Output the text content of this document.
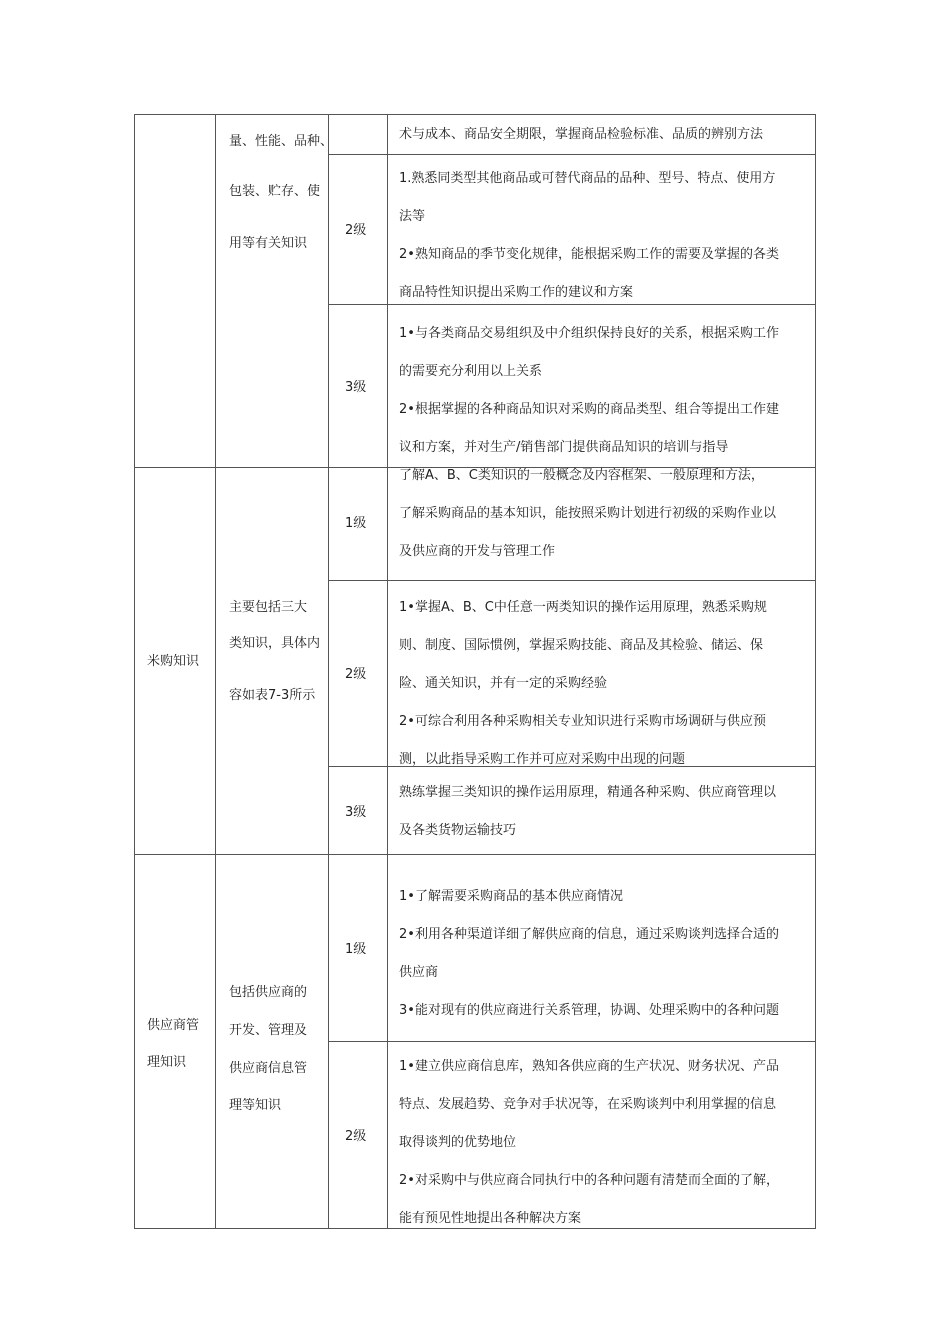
量、性能、品种、
包装、贮存、使
用等有关知识

术与成本、商品安全期限，掌握商品检验标准、品质的辨别方法

2级

1.熟悉同类型其他商品或可替代商品的品种、型号、特点、使用方

法等

2•熟知商品的季节变化规律，能根据采购工作的需要及掌握的各类

商品特性知识提出采购工作的建议和方案

3级

1•与各类商品交易组织及中介组织保持良好的关系，根据采购工作

的需要充分利用以上关系

2•根据掌握的各种商品知识对采购的商品类型、组合等提出工作建

议和方案，并对生产/销售部门提供商品知识的培训与指导

米购知识
主要包括三大
类知识，具体内
容如表7-3所示
1级

了解A、B、C类知识的一般概念及内容框架、一般原理和方法，

了解采购商品的基本知识，能按照采购计划进行初级的采购作业以

及供应商的开发与管理工作

2级

1•掌握A、B、C中任意一两类知识的操作运用原理，熟悉采购规

则、制度、国际惯例，掌握采购技能、商品及其检验、储运、保

险、通关知识，并有一定的采购经验

2•可综合利用各种采购相关专业知识进行采购市场调研与供应预

测，以此指导采购工作并可应对采购中出现的问题

3级

熟练掌握三类知识的操作运用原理，精通各种采购、供应商管理以

及各类货物运输技巧

供应商管
理知识
包括供应商的
开发、管理及
供应商信息管
理等知识
1级

1•了解需要采购商品的基本供应商情况

2•利用各种渠道详细了解供应商的信息，通过采购谈判选择合适的

供应商

3•能对现有的供应商进行关系管理，协调、处理采购中的各种问题

2级

1•建立供应商信息库，熟知各供应商的生产状况、财务状况、产品

特点、发展趋势、竞争对手状况等，在采购谈判中利用掌握的信息

取得谈判的优势地位

2•对采购中与供应商合同执行中的各种问题有清楚而全面的了解，

能有预见性地提出各种解决方案
